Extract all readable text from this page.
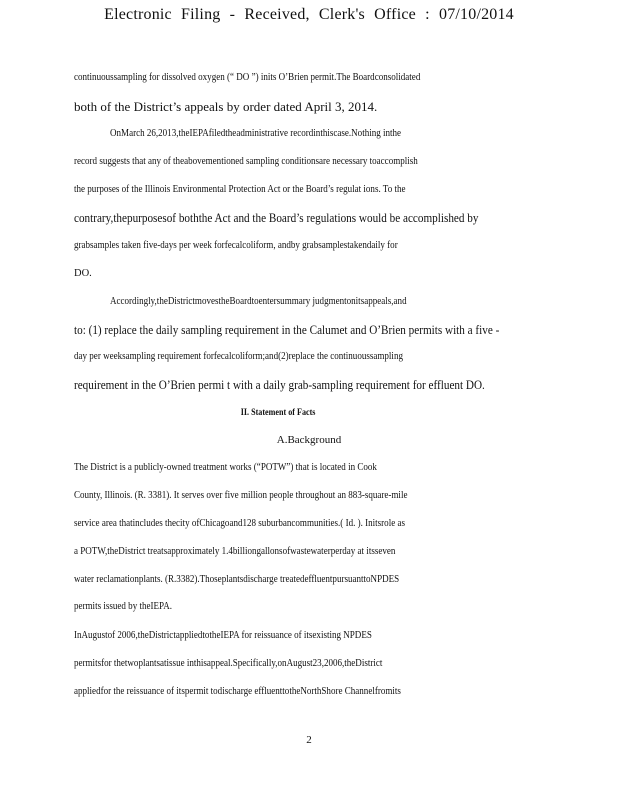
Electronic Filing - Received, Clerk's Office : 07/10/2014
continuoussampling for dissolved oxygen (“ DO ”) inits O’Brien permit.The Boardconsolidated
both of the District’s appeals by order dated April 3, 2014.
OnMarch 26,2013,theIEPAfiledtheadministrative recordinthiscase.Nothing inthe
record suggests that any of theabovementioned sampling conditionsare necessary toaccomplish
the purposes of the Illinois Environmental Protection Act or the Board’s regulat ions. To the
contrary,thepurposesof boththe Act and the Board’s regulations would be accomplished by
grabsamples taken five-days per week forfecalcoliform, andby grabsamplestakendaily for
DO.
Accordingly,theDistrictmovestheBoardtoentersummary judgmentonitsappeals,and
to: (1) replace the daily sampling requirement in the Calumet and O’Brien permits with a five -
day per weeksampling requirement forfecalcoliform;and(2)replace the continuoussampling
requirement in the O’Brien permi t with a daily grab-sampling requirement for effluent DO.
II. Statement of Facts
A.Background
The District is a publicly-owned treatment works (“POTW”) that is located in Cook
County, Illinois. (R. 3381). It serves over five million people throughout an 883-square-mile
service area thatincludes thecity ofChicagoand128 suburbancommunities.( Id. ). Initsrole as
a POTW,theDistrict treatsapproximately 1.4billiongallonsofwastewaterperday at itsseven
water reclamationplants. (R.3382).Thoseplantsdischarge treatedeffluentpursuanttoNPDES
permits issued by theIEPA.
InAugustof 2006,theDistrictappliedtotheIEPA for reissuance of itsexisting NPDES
permitsfor thetwoplantsatissue inthisappeal.Specifically,onAugust23,2006,theDistrict
appliedfor the reissuance of itspermit todischarge effluenttotheNorthShore Channelfromits
2
